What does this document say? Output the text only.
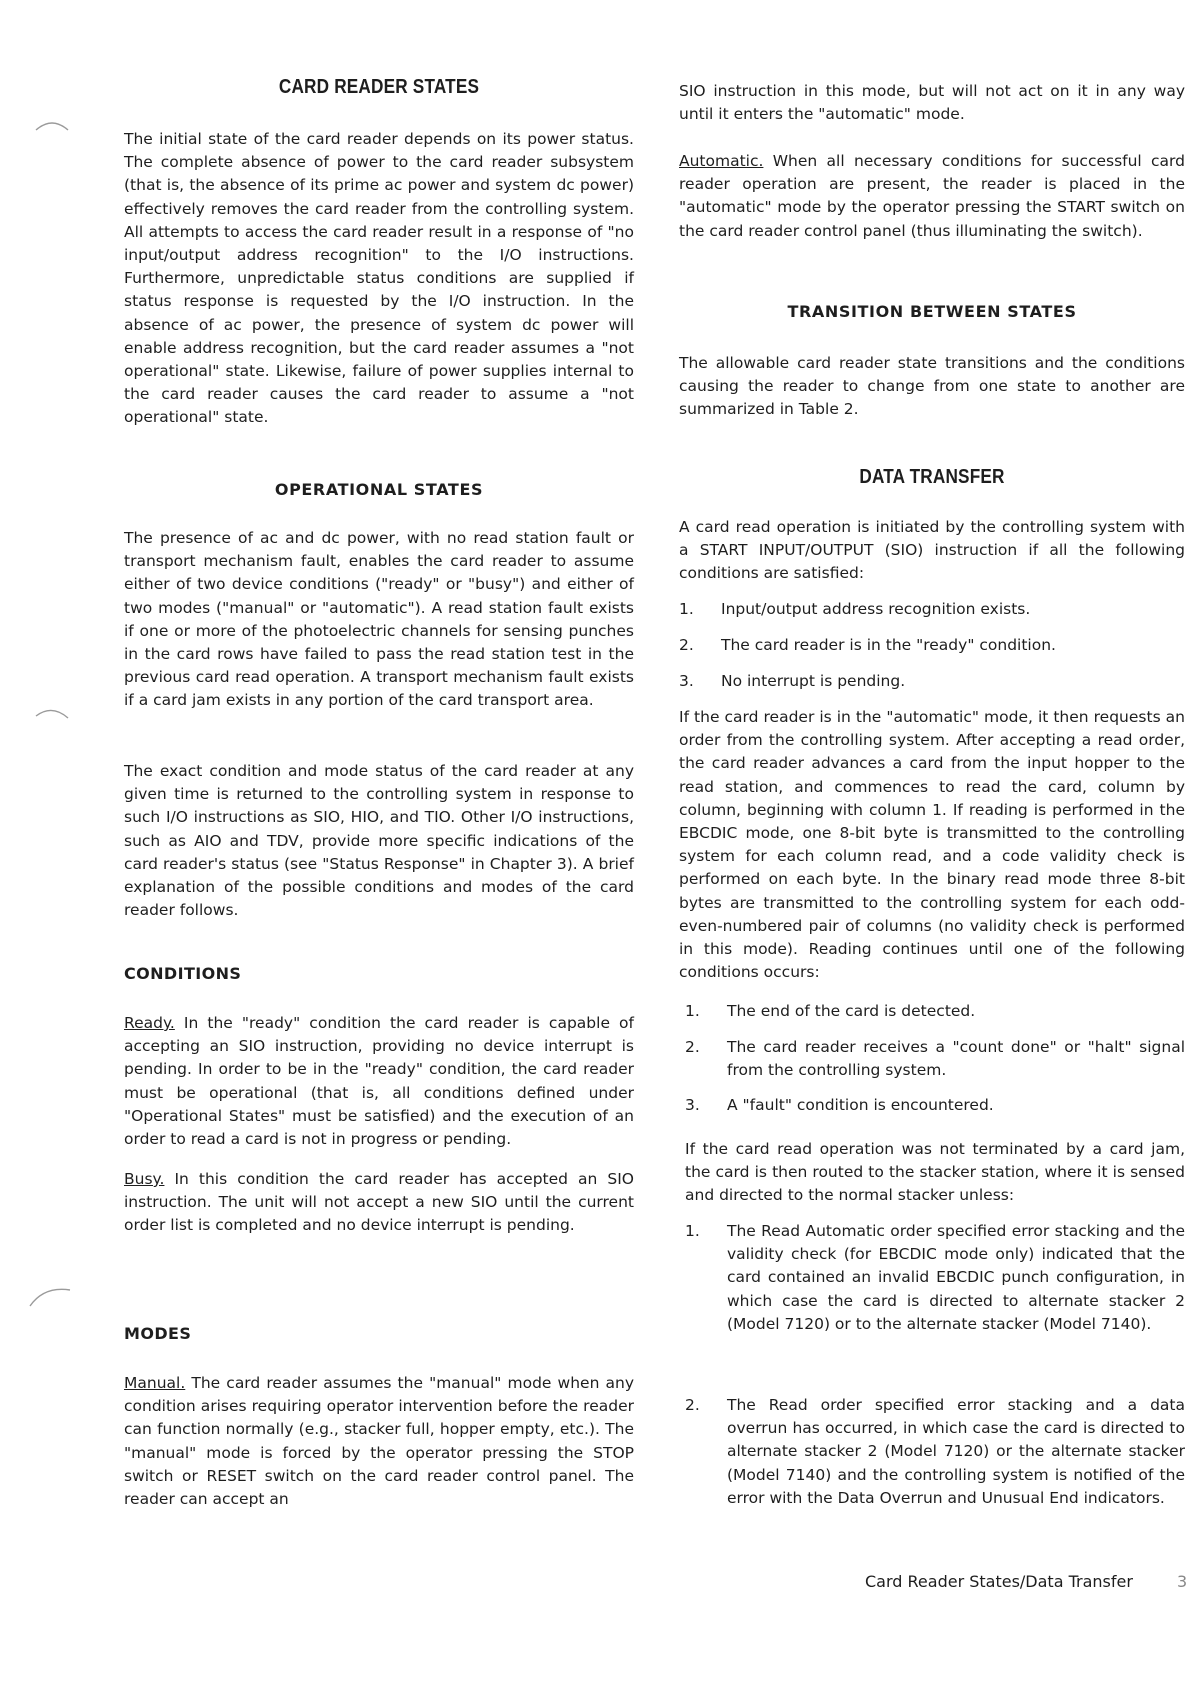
CARD READER STATES

The initial state of the card reader depends on its power status. The complete absence of power to the card reader subsystem (that is, the absence of its prime ac power and system dc power) effectively removes the card reader from the controlling system. All attempts to access the card reader result in a response of "no input/output address recognition" to the I/O instructions. Furthermore, unpredictable status conditions are supplied if status response is requested by the I/O instruction. In the absence of ac power, the presence of system dc power will enable address recognition, but the card reader assumes a "not operational" state. Likewise, failure of power supplies internal to the card reader causes the card reader to assume a "not operational" state.

OPERATIONAL STATES

The presence of ac and dc power, with no read station fault or transport mechanism fault, enables the card reader to assume either of two device conditions ("ready" or "busy") and either of two modes ("manual" or "automatic"). A read station fault exists if one or more of the photoelectric channels for sensing punches in the card rows have failed to pass the read station test in the previous card read operation. A transport mechanism fault exists if a card jam exists in any portion of the card transport area.

The exact condition and mode status of the card reader at any given time is returned to the controlling system in response to such I/O instructions as SIO, HIO, and TIO. Other I/O instructions, such as AIO and TDV, provide more specific indications of the card reader's status (see "Status Response" in Chapter 3). A brief explanation of the possible conditions and modes of the card reader follows.

CONDITIONS

Ready. In the "ready" condition the card reader is capable of accepting an SIO instruction, providing no device interrupt is pending. In order to be in the "ready" condition, the card reader must be operational (that is, all conditions defined under "Operational States" must be satisfied) and the execution of an order to read a card is not in progress or pending.

Busy. In this condition the card reader has accepted an SIO instruction. The unit will not accept a new SIO until the current order list is completed and no device interrupt is pending.

MODES

Manual. The card reader assumes the "manual" mode when any condition arises requiring operator intervention before the reader can function normally (e.g., stacker full, hopper empty, etc.). The "manual" mode is forced by the operator pressing the STOP switch or RESET switch on the card reader control panel. The reader can accept an

SIO instruction in this mode, but will not act on it in any way until it enters the "automatic" mode.

Automatic. When all necessary conditions for successful card reader operation are present, the reader is placed in the "automatic" mode by the operator pressing the START switch on the card reader control panel (thus illuminating the switch).

TRANSITION BETWEEN STATES

The allowable card reader state transitions and the conditions causing the reader to change from one state to another are summarized in Table 2.

DATA TRANSFER

A card read operation is initiated by the controlling system with a START INPUT/OUTPUT (SIO) instruction if all the following conditions are satisfied:

1. Input/output address recognition exists.
2. The card reader is in the "ready" condition.
3. No interrupt is pending.

If the card reader is in the "automatic" mode, it then requests an order from the controlling system. After accepting a read order, the card reader advances a card from the input hopper to the read station, and commences to read the card, column by column, beginning with column 1. If reading is performed in the EBCDIC mode, one 8-bit byte is transmitted to the controlling system for each column read, and a code validity check is performed on each byte. In the binary read mode three 8-bit bytes are transmitted to the controlling system for each odd-even-numbered pair of columns (no validity check is performed in this mode). Reading continues until one of the following conditions occurs:

1. The end of the card is detected.
2. The card reader receives a "count done" or "halt" signal from the controlling system.
3. A "fault" condition is encountered.

If the card read operation was not terminated by a card jam, the card is then routed to the stacker station, where it is sensed and directed to the normal stacker unless:

1. The Read Automatic order specified error stacking and the validity check (for EBCDIC mode only) indicated that the card contained an invalid EBCDIC punch configuration, in which case the card is directed to alternate stacker 2 (Model 7120) or to the alternate stacker (Model 7140).
2. The Read order specified error stacking and a data overrun has occurred, in which case the card is directed to alternate stacker 2 (Model 7120) or the alternate stacker (Model 7140) and the controlling system is notified of the error with the Data Overrun and Unusual End indicators.
Card Reader States/Data Transfer	3
